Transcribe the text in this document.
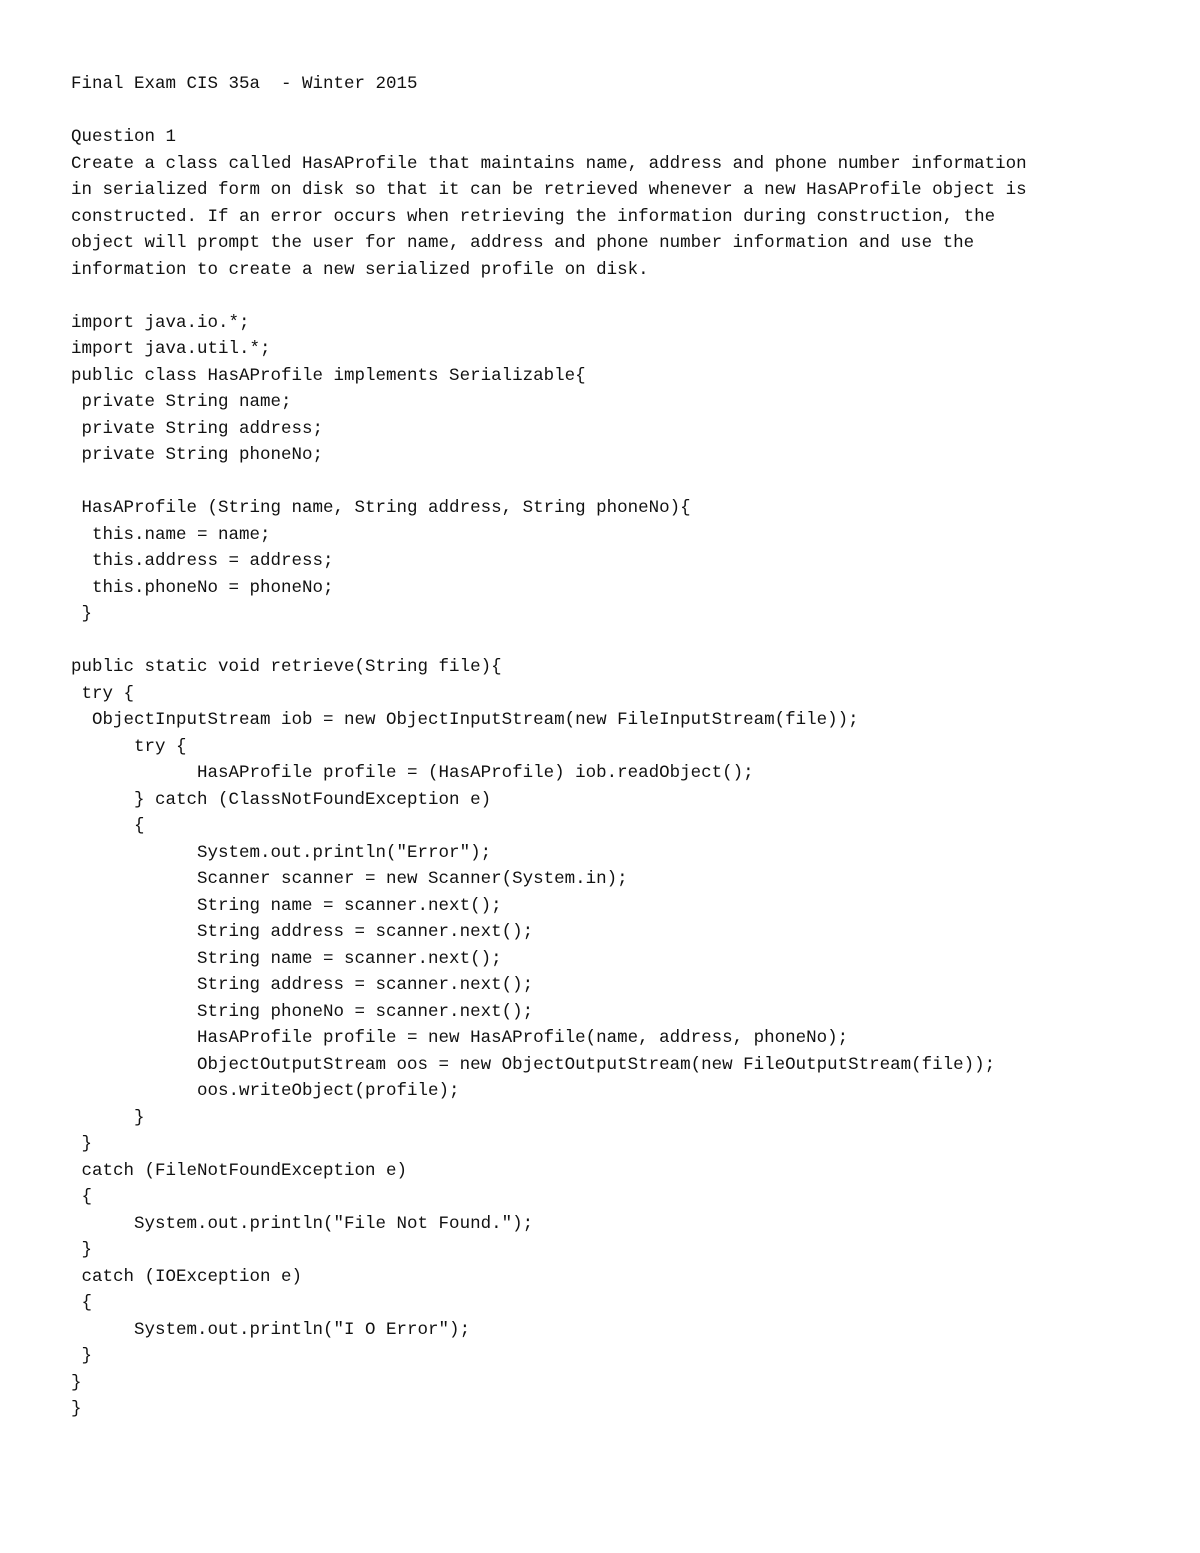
Final Exam CIS 35a  - Winter 2015
Question 1
Create a class called HasAProfile that maintains name, address and phone number information
in serialized form on disk so that it can be retrieved whenever a new HasAProfile object is
constructed. If an error occurs when retrieving the information during construction, the
object will prompt the user for name, address and phone number information and use the
information to create a new serialized profile on disk.
import java.io.*;
import java.util.*;
public class HasAProfile implements Serializable{
private String name;
private String address;
private String phoneNo;
HasAProfile (String name, String address, String phoneNo){
this.name = name;
this.address = address;
this.phoneNo = phoneNo;
}
public static void retrieve(String file){
try {
ObjectInputStream iob = new ObjectInputStream(new FileInputStream(file));
try {
HasAProfile profile = (HasAProfile) iob.readObject();
} catch (ClassNotFoundException e)
{
System.out.println("Error");
Scanner scanner = new Scanner(System.in);
String name = scanner.next();
String address = scanner.next();
String name = scanner.next();
String address = scanner.next();
String phoneNo = scanner.next();
HasAProfile profile = new HasAProfile(name, address, phoneNo);
ObjectOutputStream oos = new ObjectOutputStream(new FileOutputStream(file));
oos.writeObject(profile);
}
}
catch (FileNotFoundException e)
{
System.out.println("File Not Found.");
}
catch (IOException e)
{
System.out.println("I O Error");
}
}
}
